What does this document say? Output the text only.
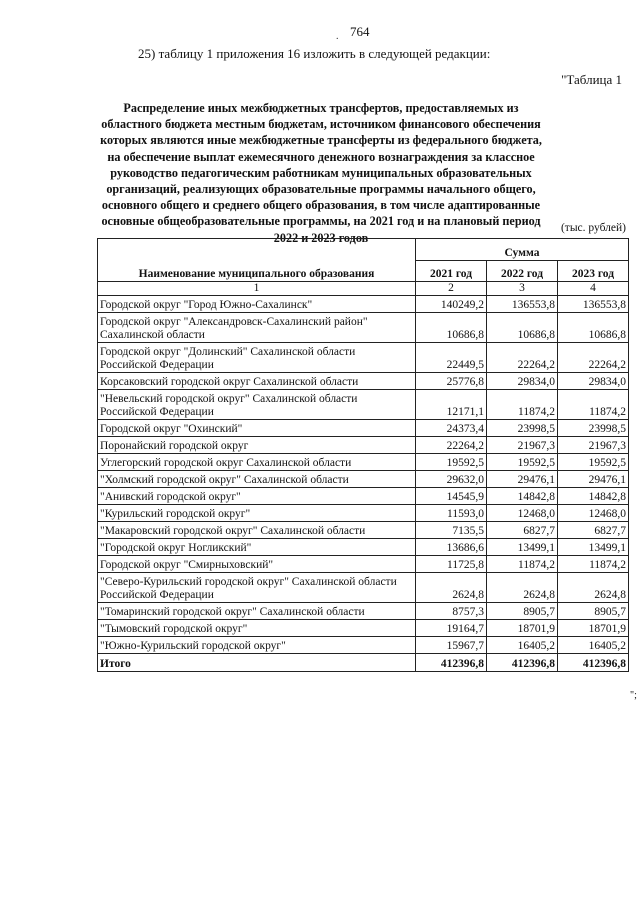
764
.
25) таблицу 1 приложения 16 изложить в следующей редакции:
"Таблица 1
Распределение иных межбюджетных трансфертов, предоставляемых из областного бюджета местным бюджетам, источником финансового обеспечения которых являются иные межбюджетные трансферты из федерального бюджета, на обеспечение выплат ежемесячного денежного вознаграждения за классное руководство педагогическим работникам муниципальных образовательных организаций, реализующих образовательные программы начального общего, основного общего и среднего общего образования, в том числе адаптированные основные общеобразовательные программы, на 2021 год и на плановый период 2022 и 2023 годов
(тыс. рублей)
Наименование муниципального образования	Сумма		
	2021 год	2022 год	2023 год
1	2	3	4
Городской округ "Город Южно-Сахалинск"	140249,2	136553,8	136553,8
Городской округ "Александровск-Сахалинский район" Сахалинской области	10686,8	10686,8	10686,8
Городской округ "Долинский" Сахалинской области Российской Федерации	22449,5	22264,2	22264,2
Корсаковский городской округ Сахалинской области	25776,8	29834,0	29834,0
"Невельский городской округ" Сахалинской области Российской Федерации	12171,1	11874,2	11874,2
Городской округ "Охинский"	24373,4	23998,5	23998,5
Поронайский городской округ	22264,2	21967,3	21967,3
Углегорский городской округ Сахалинской области	19592,5	19592,5	19592,5
"Холмский городской округ" Сахалинской области	29632,0	29476,1	29476,1
"Анивский городской округ"	14545,9	14842,8	14842,8
"Курильский городской округ"	11593,0	12468,0	12468,0
"Макаровский городской округ" Сахалинской области	7135,5	6827,7	6827,7
"Городской округ Ногликский"	13686,6	13499,1	13499,1
Городской округ "Смирныховский"	11725,8	11874,2	11874,2
"Северо-Курильский городской округ" Сахалинской области Российской Федерации	2624,8	2624,8	2624,8
"Томаринский городской округ" Сахалинской области	8757,3	8905,7	8905,7
"Тымовский городской округ"	19164,7	18701,9	18701,9
"Южно-Курильский городской округ"	15967,7	16405,2	16405,2
Итого	412396,8	412396,8	412396,8
";
